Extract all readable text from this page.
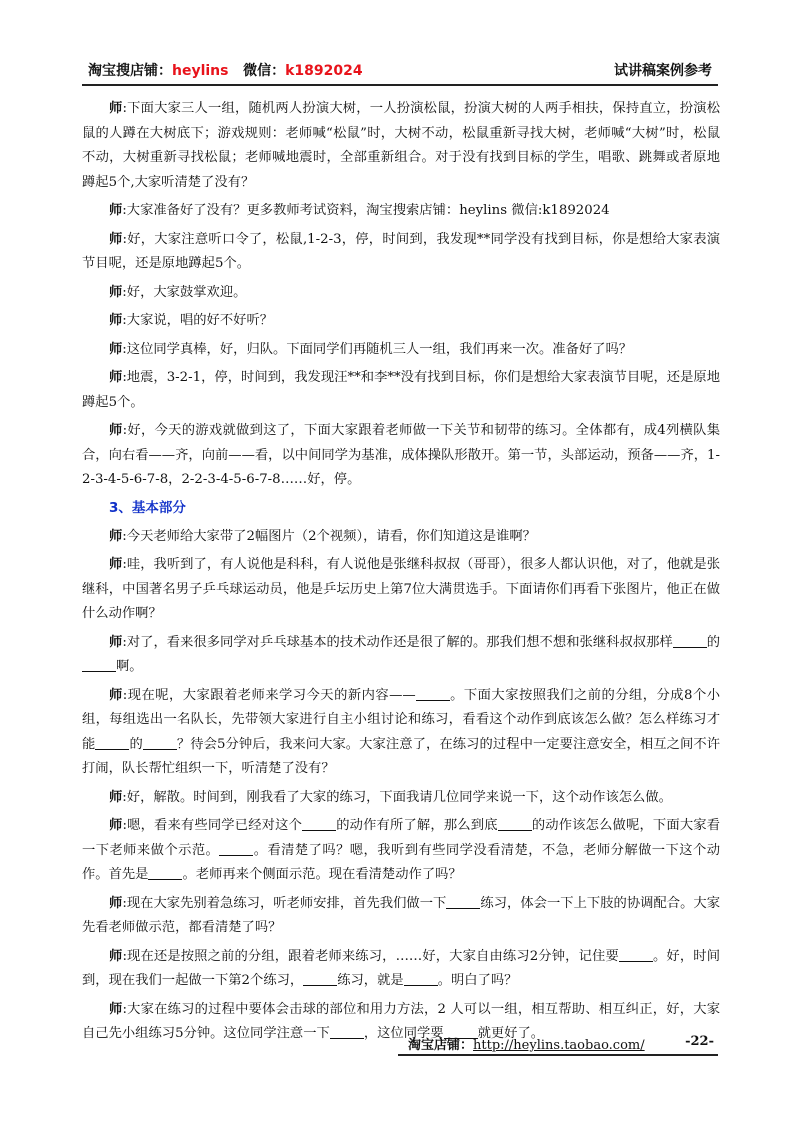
淘宝搜店铺：heylins 微信：k1892024	试讲稿案例参考

师:下面大家三人一组，随机两人扮演大树，一人扮演松鼠，扮演大树的人两手相扶，保持直立，扮演松鼠的人蹲在大树底下；游戏规则：老师喊“松鼠”时，大树不动，松鼠重新寻找大树，老师喊“大树”时，松鼠不动，大树重新寻找松鼠；老师喊地震时，全部重新组合。对于没有找到目标的学生，唱歌、跳舞或者原地蹲起5个,大家听清楚了没有？

师:大家准备好了没有？更多教师考试资料，淘宝搜索店铺：heylins 微信:k1892024

师:好，大家注意听口令了，松鼠,1-2-3，停，时间到，我发现**同学没有找到目标，你是想给大家表演节目呢，还是原地蹲起5个。

师:好，大家鼓掌欢迎。

师:大家说，唱的好不好听？

师:这位同学真棒，好，归队。下面同学们再随机三人一组，我们再来一次。准备好了吗？

师:地震，3-2-1，停，时间到，我发现汪**和李**没有找到目标，你们是想给大家表演节目呢，还是原地蹲起5个。

师:好，今天的游戏就做到这了，下面大家跟着老师做一下关节和韧带的练习。全体都有，成4列横队集合，向右看——齐，向前——看，以中间同学为基准，成体操队形散开。第一节，头部运动，预备——齐，1-2-3-4-5-6-7-8，2-2-3-4-5-6-7-8……好，停。

3、基本部分

师:今天老师给大家带了2幅图片（2个视频），请看，你们知道这是谁啊？

师:哇，我听到了，有人说他是科科，有人说他是张继科叔叔（哥哥），很多人都认识他，对了，他就是张继科，中国著名男子乒乓球运动员，他是乒坛历史上第7位大满贯选手。下面请你们再看下张图片，他正在做什么动作啊？

师:对了，看来很多同学对乒乓球基本的技术动作还是很了解的。那我们想不想和张继科叔叔那样	的啊。

师:现在呢，大家跟着老师来学习今天的新内容——	。下面大家按照我们之前的分组，分成8个小组，每组选出一名队长，先带领大家进行自主小组讨论和练习，看看这个动作到底该怎么做？怎么样练习才能	的	？待会5分钟后，我来问大家。大家注意了，在练习的过程中一定要注意安全，相互之间不许打闹，队长帮忙组织一下，听清楚了没有？

师:好，解散。时间到，刚我看了大家的练习，下面我请几位同学来说一下，这个动作该怎么做。

师:嗯，看来有些同学已经对这个	的动作有所了解，那么到底	的动作该怎么做呢，下面大家看一下老师来做个示范。	。看清楚了吗？嗯，我听到有些同学没看清楚，不急，老师分解做一下这个动作。首先是	。老师再来个侧面示范。现在看清楚动作了吗？

师:现在大家先别着急练习，听老师安排，首先我们做一下	练习，体会一下上下肢的协调配合。大家先看老师做示范，都看清楚了吗？

师:现在还是按照之前的分组，跟着老师来练习，……好，大家自由练习2分钟，记住要	。好，时间到，现在我们一起做一下第2个练习，	练习，就是	。明白了吗？

师:大家在练习的过程中要体会击球的部位和用力方法，2 人可以一组，相互帮助、相互纠正，好，大家自己先小组练习5分钟。这位同学注意一下	，这位同学要	就更好了。

淘宝店铺：http://heylins.taobao.com/	-22-
